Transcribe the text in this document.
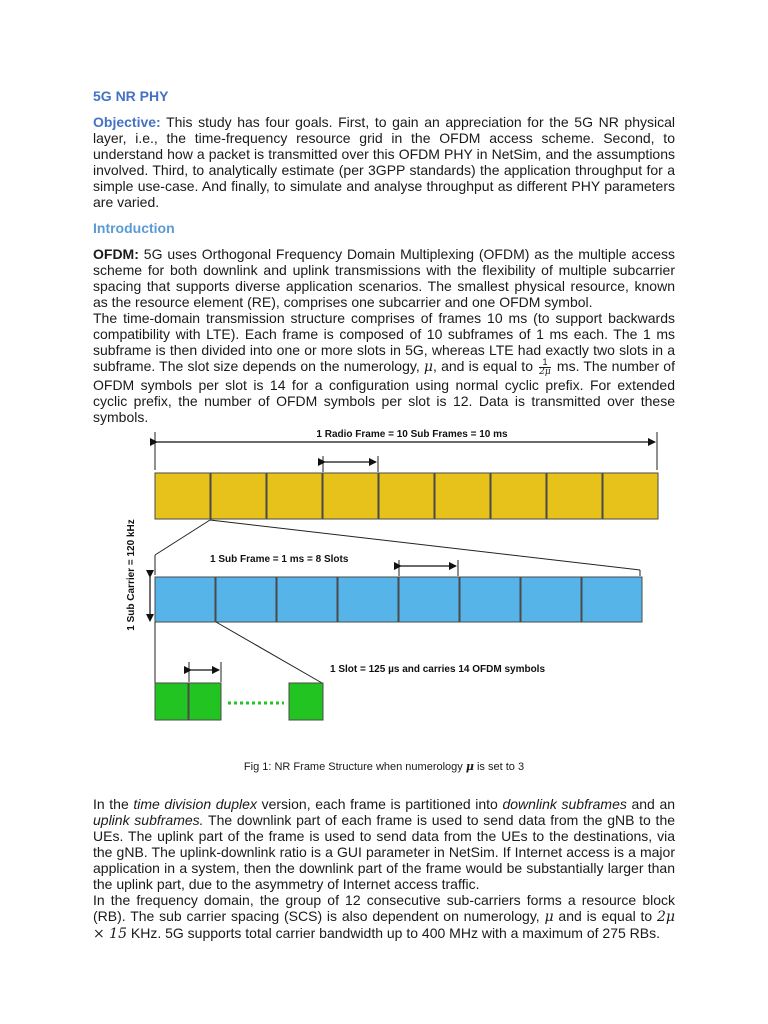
5G NR PHY

Objective: This study has four goals. First, to gain an appreciation for the 5G NR physical layer, i.e., the time-frequency resource grid in the OFDM access scheme. Second, to understand how a packet is transmitted over this OFDM PHY in NetSim, and the assumptions involved. Third, to analytically estimate (per 3GPP standards) the application throughput for a simple use-case. And finally, to simulate and analyse throughput as different PHY parameters are varied.

Introduction

OFDM: 5G uses Orthogonal Frequency Domain Multiplexing (OFDM) as the multiple access scheme for both downlink and uplink transmissions with the flexibility of multiple subcarrier spacing that supports diverse application scenarios. The smallest physical resource, known as the resource element (RE), comprises one subcarrier and one OFDM symbol.

The time-domain transmission structure comprises of frames 10 ms (to support backwards compatibility with LTE). Each frame is composed of 10 subframes of 1 ms each. The 1 ms subframe is then divided into one or more slots in 5G, whereas LTE had exactly two slots in a subframe. The slot size depends on the numerology, μ, and is equal to $\frac{1}{2\mu}$ ms. The number of OFDM symbols per slot is 14 for a configuration using normal cyclic prefix. For extended cyclic prefix, the number of OFDM symbols per slot is 12. Data is transmitted over these symbols.

1 Radio Frame = 10 Sub Frames = 10 ms
1 Sub Frame = 1 ms = 8 Slots
1 Sub Carrier = 120 kHz
1 Slot = 125 µs and carries 14 OFDM symbols
Fig 1: NR Frame Structure when numerology μ is set to 3

In the time division duplex version, each frame is partitioned into downlink subframes and an uplink subframes. The downlink part of each frame is used to send data from the gNB to the UEs. The uplink part of the frame is used to send data from the UEs to the destinations, via the gNB. The uplink-downlink ratio is a GUI parameter in NetSim. If Internet access is a major application in a system, then the downlink part of the frame would be substantially larger than the uplink part, due to the asymmetry of Internet access traffic.

In the frequency domain, the group of 12 consecutive sub-carriers forms a resource block (RB). The sub carrier spacing (SCS) is also dependent on numerology, μ and is equal to 2μ × 15 KHz. 5G supports total carrier bandwidth up to 400 MHz with a maximum of 275 RBs.
